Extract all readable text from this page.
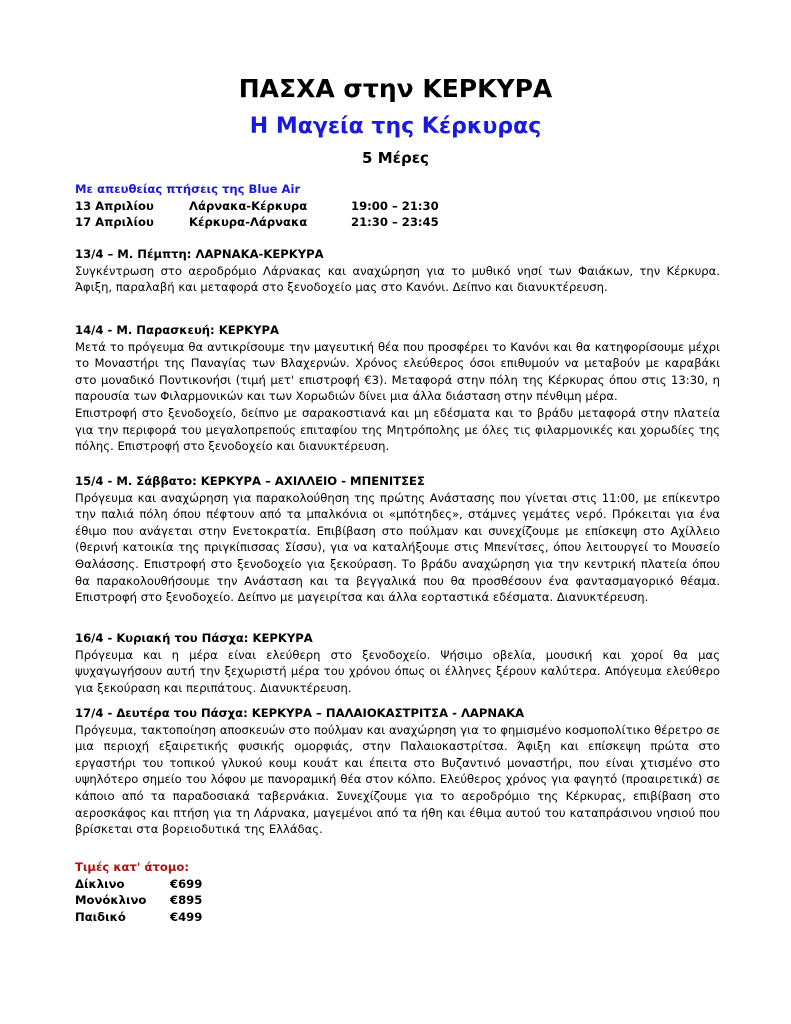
ΠΑΣΧΑ στην ΚΕΡΚΥΡΑ
Η Μαγεία της Κέρκυρας
5 Μέρες
Με απευθείας πτήσεις της Blue Air
13 Απριλίου	Λάρνακα-Κέρκυρα	19:00 – 21:30
17 Απριλίου	Κέρκυρα-Λάρνακα	21:30 – 23:45
13/4 – Μ. Πέμπτη: ΛΑΡΝΑΚΑ-ΚΕΡΚΥΡΑ
Συγκέντρωση στο αεροδρόμιο Λάρνακας και αναχώρηση για το μυθικό νησί των Φαιάκων, την Κέρκυρα. Άφιξη, παραλαβή και μεταφορά στο ξενοδοχείο μας στο Κανόνι. Δείπνο και διανυκτέρευση.
14/4 - Μ. Παρασκευή: ΚΕΡΚΥΡΑ
Μετά το πρόγευμα θα αντικρίσουμε την μαγευτική θέα που προσφέρει το Κανόνι και θα κατηφορίσουμε μέχρι το Μοναστήρι της Παναγίας των Βλαχερνών. Χρόνος ελεύθερος όσοι επιθυμούν να μεταβούν με καραβάκι στο μοναδικό Ποντικονήσι (τιμή μετ' επιστροφή €3). Μεταφορά στην πόλη της Κέρκυρας όπου στις 13:30, η παρουσία των Φιλαρμονικών και των Χορωδιών δίνει μια άλλα διάσταση στην πένθιμη μέρα.
Επιστροφή στο ξενοδοχείο, δείπνο με σαρακοστιανά και μη εδέσματα και το βράδυ μεταφορά στην πλατεία για την περιφορά του μεγαλοπρεπούς επιταφίου της Μητρόπολης με όλες τις φιλαρμονικές και χορωδίες της πόλης. Επιστροφή στο ξενοδοχείο και διανυκτέρευση.
15/4 - Μ. Σάββατο: ΚΕΡΚΥΡΑ – ΑΧΙΛΛΕΙΟ - ΜΠΕΝΙΤΣΕΣ
Πρόγευμα και αναχώρηση για παρακολούθηση της πρώτης Ανάστασης που γίνεται στις 11:00, με επίκεντρο την παλιά πόλη όπου πέφτουν από τα μπαλκόνια οι «μπότηδες», στάμνες γεμάτες νερό. Πρόκειται για ένα έθιμο που ανάγεται στην Ενετοκρατία. Επιβίβαση στο πούλμαν και συνεχίζουμε με επίσκεψη στο Αχίλλειο (θερινή κατοικία της πριγκίπισσας Σίσσυ), για να καταλήξουμε στις Μπενίτσες, όπου λειτουργεί το Μουσείο Θαλάσσης. Επιστροφή στο ξενοδοχείο για ξεκούραση. Το βράδυ αναχώρηση για την κεντρική πλατεία όπου θα παρακολουθήσουμε την Ανάσταση και τα βεγγαλικά που θα προσθέσουν ένα φαντασμαγορικό θέαμα. Επιστροφή στο ξενοδοχείο. Δείπνο με μαγειρίτσα και άλλα εορταστικά εδέσματα. Διανυκτέρευση.
16/4 - Κυριακή του Πάσχα: ΚΕΡΚΥΡΑ
Πρόγευμα και η μέρα είναι ελεύθερη στο ξενοδοχείο. Ψήσιμο οβελία, μουσική και χοροί θα μας ψυχαγωγήσουν αυτή την ξεχωριστή μέρα του χρόνου όπως οι έλληνες ξέρουν καλύτερα. Απόγευμα ελεύθερο για ξεκούραση και περιπάτους. Διανυκτέρευση.
17/4 - Δευτέρα του Πάσχα: ΚΕΡΚΥΡΑ – ΠΑΛΑΙΟΚΑΣΤΡΙΤΣΑ - ΛΑΡΝΑΚΑ
Πρόγευμα, τακτοποίηση αποσκευών στο πούλμαν και αναχώρηση για το φημισμένο κοσμοπολίτικο θέρετρο σε μια περιοχή εξαιρετικής φυσικής ομορφιάς, στην Παλαιοκαστρίτσα. Άφιξη και επίσκεψη πρώτα στο εργαστήρι του τοπικού γλυκού κουμ κουάτ και έπειτα στο Βυζαντινό μοναστήρι, που είναι χτισμένο στο υψηλότερο σημείο του λόφου με πανοραμική θέα στον κόλπο. Ελεύθερος χρόνος για φαγητό (προαιρετικά) σε κάποιο από τα παραδοσιακά ταβερνάκια. Συνεχίζουμε για το αεροδρόμιο της Κέρκυρας, επιβίβαση στο αεροσκάφος και πτήση για τη Λάρνακα, μαγεμένοι από τα ήθη και έθιμα αυτού του καταπράσινου νησιού που βρίσκεται στα βορειοδυτικά της Ελλάδας.
Τιμές κατ' άτομο:
Δίκλινο	€699
Μονόκλινο €895
Παιδικό	€499
